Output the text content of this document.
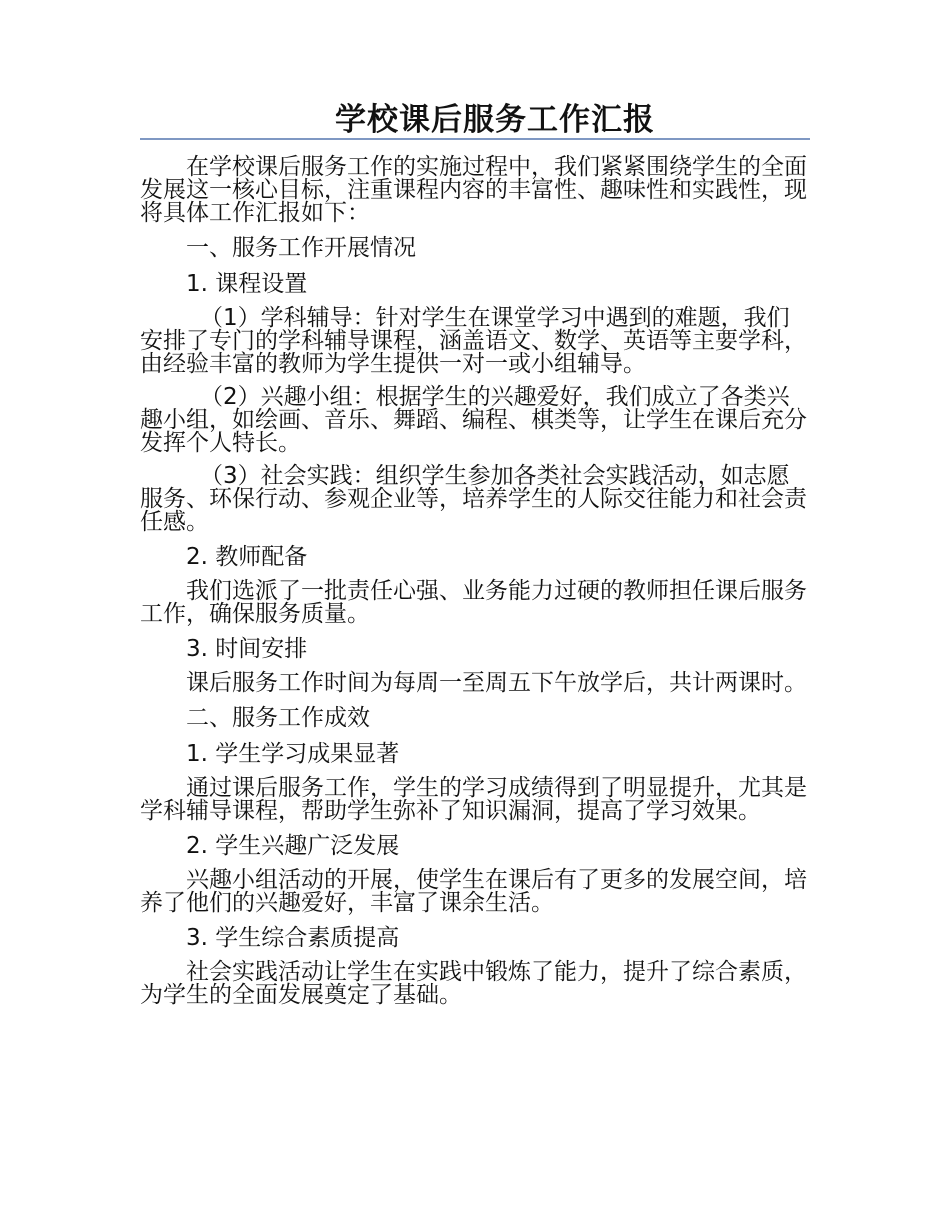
学校课后服务工作汇报

在学校课后服务工作的实施过程中，我们紧紧围绕学生的全面发展这一核心目标，注重课程内容的丰富性、趣味性和实践性，现将具体工作汇报如下：

一、服务工作开展情况
1. 课程设置

（1）学科辅导：针对学生在课堂学习中遇到的难题，我们安排了专门的学科辅导课程，涵盖语文、数学、英语等主要学科，由经验丰富的教师为学生提供一对一或小组辅导。

（2）兴趣小组：根据学生的兴趣爱好，我们成立了各类兴趣小组，如绘画、音乐、舞蹈、编程、棋类等，让学生在课后充分发挥个人特长。

（3）社会实践：组织学生参加各类社会实践活动，如志愿服务、环保行动、参观企业等，培养学生的人际交往能力和社会责任感。

2. 教师配备

我们选派了一批责任心强、业务能力过硬的教师担任课后服务工作，确保服务质量。

3. 时间安排

课后服务工作时间为每周一至周五下午放学后，共计两课时。

二、服务工作成效
1. 学生学习成果显著

通过课后服务工作，学生的学习成绩得到了明显提升，尤其是学科辅导课程，帮助学生弥补了知识漏洞，提高了学习效果。

2. 学生兴趣广泛发展

兴趣小组活动的开展，使学生在课后有了更多的发展空间，培养了他们的兴趣爱好，丰富了课余生活。

3. 学生综合素质提高

社会实践活动让学生在实践中锻炼了能力，提升了综合素质，为学生的全面发展奠定了基础。
